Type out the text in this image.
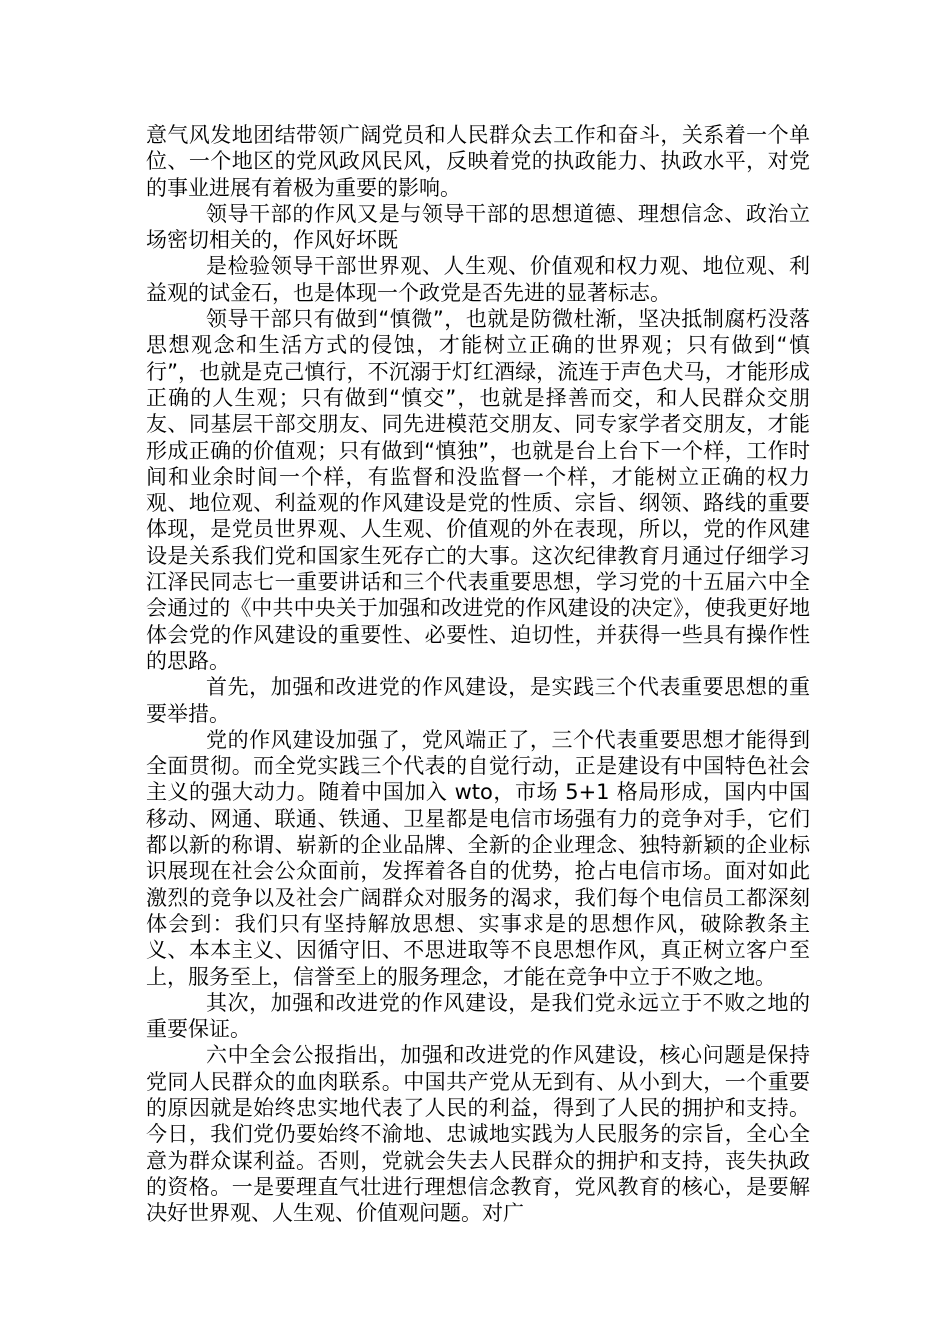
意气风发地团结带领广阔党员和人民群众去工作和奋斗，关系着一个单位、一个地区的党风政风民风，反映着党的执政能力、执政水平，对党的事业进展有着极为重要的影响。

领导干部的作风又是与领导干部的思想道德、理想信念、政治立场密切相关的，作风好坏既

是检验领导干部世界观、人生观、价值观和权力观、地位观、利益观的试金石，也是体现一个政党是否先进的显著标志。

领导干部只有做到“慎微”，也就是防微杜渐，坚决抵制腐朽没落思想观念和生活方式的侵蚀，才能树立正确的世界观；只有做到“慎行”，也就是克己慎行，不沉溺于灯红酒绿，流连于声色犬马，才能形成正确的人生观；只有做到“慎交”，也就是择善而交，和人民群众交朋友、同基层干部交朋友、同先进模范交朋友、同专家学者交朋友，才能形成正确的价值观；只有做到“慎独”，也就是台上台下一个样，工作时间和业余时间一个样，有监督和没监督一个样，才能树立正确的权力观、地位观、利益观的作风建设是党的性质、宗旨、纲领、路线的重要体现，是党员世界观、人生观、价值观的外在表现，所以，党的作风建设是关系我们党和国家生死存亡的大事。这次纪律教育月通过仔细学习江泽民同志七一重要讲话和三个代表重要思想，学习党的十五届六中全会通过的《中共中央关于加强和改进党的作风建设的决定》，使我更好地体会党的作风建设的重要性、必要性、迫切性，并获得一些具有操作性的思路。

首先，加强和改进党的作风建设，是实践三个代表重要思想的重要举措。

党的作风建设加强了，党风端正了，三个代表重要思想才能得到全面贯彻。而全党实践三个代表的自觉行动，正是建设有中国特色社会主义的强大动力。随着中国加入 wto，市场 5+1 格局形成，国内中国移动、网通、联通、铁通、卫星都是电信市场强有力的竞争对手，它们都以新的称谓、崭新的企业品牌、全新的企业理念、独特新颖的企业标识展现在社会公众面前，发挥着各自的优势，抢占电信市场。面对如此激烈的竞争以及社会广阔群众对服务的渴求，我们每个电信员工都深刻体会到：我们只有坚持解放思想、实事求是的思想作风，破除教条主义、本本主义、因循守旧、不思进取等不良思想作风，真正树立客户至上，服务至上，信誉至上的服务理念，才能在竞争中立于不败之地。

其次，加强和改进党的作风建设，是我们党永远立于不败之地的重要保证。

六中全会公报指出，加强和改进党的作风建设，核心问题是保持党同人民群众的血肉联系。中国共产党从无到有、从小到大，一个重要的原因就是始终忠实地代表了人民的利益，得到了人民的拥护和支持。今日，我们党仍要始终不渝地、忠诚地实践为人民服务的宗旨，全心全意为群众谋利益。否则，党就会失去人民群众的拥护和支持，丧失执政的资格。一是要理直气壮进行理想信念教育，党风教育的核心，是要解决好世界观、人生观、价值观问题。对广
